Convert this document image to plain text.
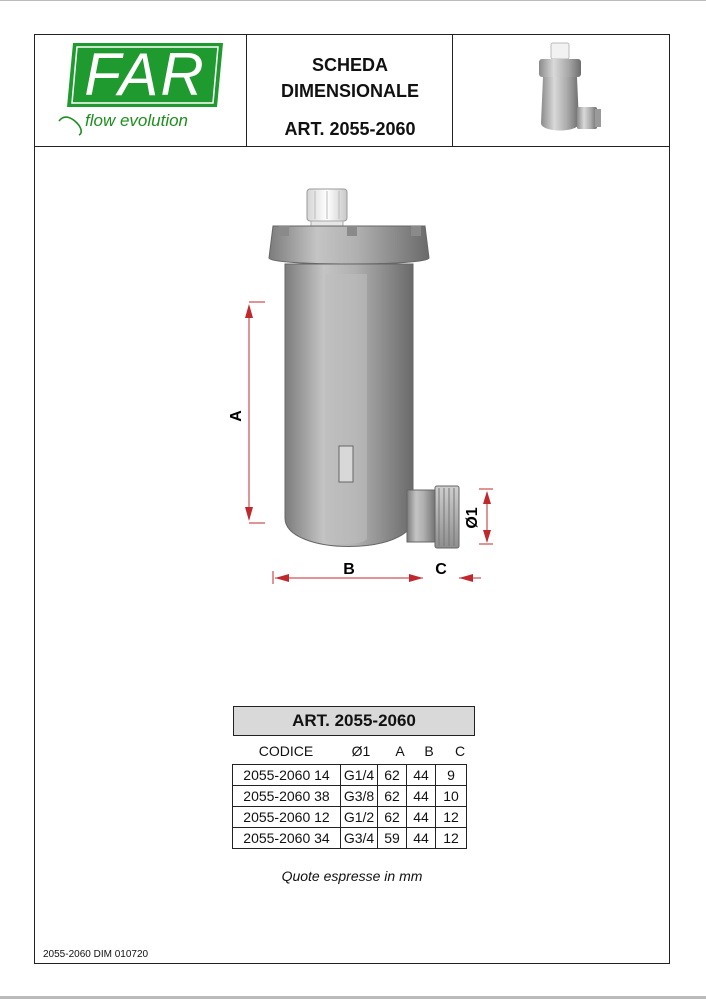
FAR
flow evolution
SCHEDA
DIMENSIONALE
ART. 2055-2060
A
B	C
Ø1
ART. 2055-2060
CODICE	Ø1	A	B	C
2055-2060 14	G1/4	62	44	9
2055-2060 38	G3/8	62	44	10
2055-2060 12	G1/2	62	44	12
2055-2060 34	G3/4	59	44	12
Quote espresse in mm
2055-2060 DIM 010720
